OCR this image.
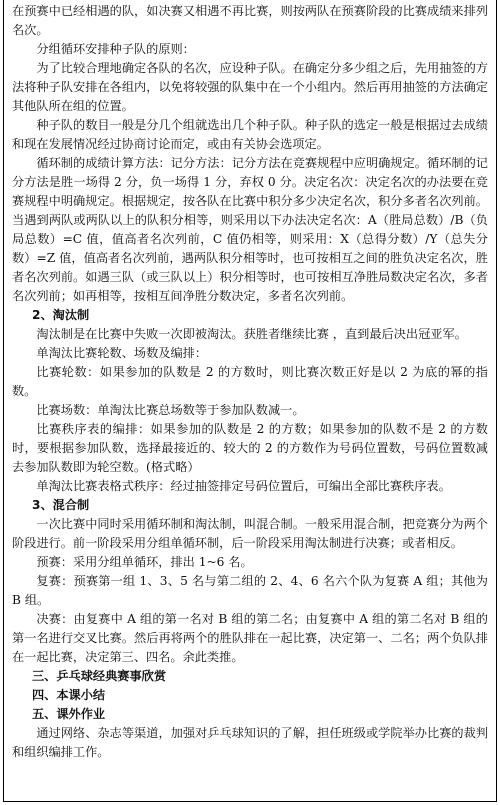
在预赛中已经相遇的队，如决赛又相遇不再比赛，则按两队在预赛阶段的比赛成绩来排列名次。

分组循环安排种子队的原则：

为了比较合理地确定各队的名次，应设种子队。在确定分多少组之后，先用抽签的方法将种子队安排在各组内，以免将较强的队集中在一个小组内。然后再用抽签的方法确定其他队所在组的位置。

种子队的数目一般是分几个组就选出几个种子队。种子队的选定一般是根据过去成绩和现在发展情况经过协商讨论而定，或由有关协会选项定。

循环制的成绩计算方法：记分方法：记分方法在竞赛规程中应明确规定。循环制的记分方法是胜一场得 2 分，负一场得 1 分，弃权 0 分。决定名次：决定名次的办法要在竞赛规程中明确规定。根据规定，按各队在比赛中积分多少决定名次，积分多者名次列前。当遇到两队或两队以上的队积分相等，则采用以下办法决定名次：A（胜局总数）/B（负局总数）=C 值，值高者名次列前，C 值仍相等，则采用：X（总得分数）/Y（总失分数）=Z 值，值高者名次列前，遇两队积分相等时，也可按相互之间的胜负决定名次，胜者名次列前。如遇三队（或三队以上）积分相等时，也可按相互净胜局数决定名次，多者名次列前；如再相等，按相互间净胜分数决定，多者名次列前。

2、淘汰制

淘汰制是在比赛中失败一次即被淘汰。获胜者继续比赛 ，直到最后决出冠亚军。

单淘汰比赛轮数、场数及编排：

比赛轮数：如果参加的队数是 2 的方数时，则比赛次数正好是以 2 为底的幂的指数。

比赛场数：单淘汰比赛总场数等于参加队数减一。

比赛秩序表的编排：如果参加的队数是 2 的方数；如果参加的队数不是 2 的方数时，要根据参加队数，选择最接近的、较大的 2 的方数作为号码位置数，号码位置数减去参加队数即为轮空数。(格式略）

单淘汰比赛表格式秩序：经过抽签排定号码位置后，可编出全部比赛秩序表。

3、混合制

一次比赛中同时采用循环制和淘汰制，叫混合制。一般采用混合制，把竞赛分为两个阶段进行。前一阶段采用分组单循环制，后一阶段采用淘汰制进行决赛；或者相反。

预赛：采用分组单循环，排出 1~6 名。

复赛：预赛第一组 1、3、5 名与第二组的 2、4、6 名六个队为复赛 A 组；其他为 B 组。

决赛：由复赛中 A 组的第一名对 B 组的第二名；由复赛中 A 组的第二名对 B 组的第一名进行交叉比赛。然后再将两个的胜队排在一起比赛，决定第一、二名；两个负队排在一起比赛，决定第三、四名。余此类推。

三、乒乓球经典赛事欣赏

四、本课小结

五、课外作业

通过网络、杂志等渠道，加强对乒乓球知识的了解，担任班级或学院举办比赛的裁判和组织编排工作。
